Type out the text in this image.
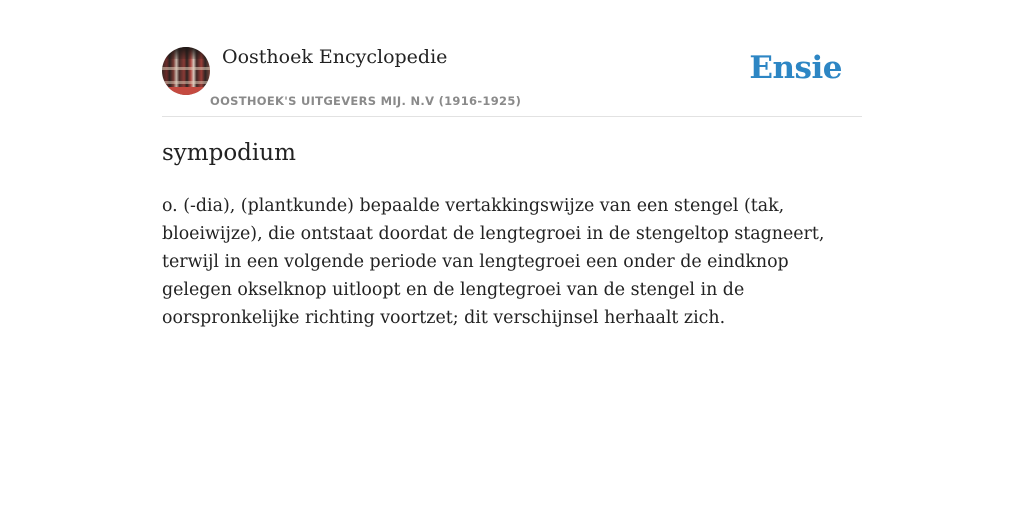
Oosthoek Encyclopedie
OOSTHOEK'S UITGEVERS MIJ. N.V (1916-1925)
Ensie
sympodium

o. (-dia), (plantkunde) bepaalde vertakkingswijze van een stengel (tak, bloeiwijze), die ontstaat doordat de lengtegroei in de stengeltop stagneert, terwijl in een volgende periode van lengtegroei een onder de eindknop gelegen okselknop uitloopt en de lengtegroei van de stengel in de oorspronkelijke richting voortzet; dit verschijnsel herhaalt zich.
